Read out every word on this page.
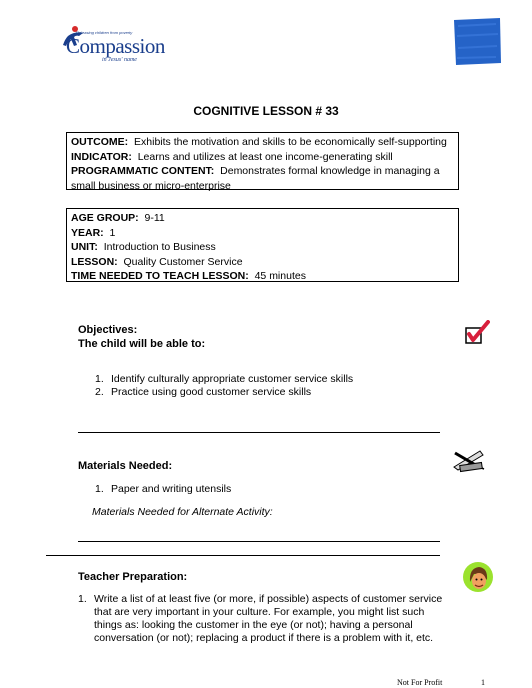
Releasing children from poverty
Compassion
in Jesus' name
COGNITIVE LESSON # 33
OUTCOME: Exhibits the motivation and skills to be economically self-supporting
INDICATOR: Learns and utilizes at least one income-generating skill
PROGRAMMATIC CONTENT: Demonstrates formal knowledge in managing a
small business or micro-enterprise
AGE GROUP: 9-11
YEAR: 1
UNIT: Introduction to Business
LESSON: Quality Customer Service
TIME NEEDED TO TEACH LESSON: 45 minutes
Objectives:
The child will be able to:
1. Identify culturally appropriate customer service skills
2. Practice using good customer service skills
Materials Needed:
1. Paper and writing utensils
Materials Needed for Alternate Activity:
Teacher Preparation:
1. Write a list of at least five (or more, if possible) aspects of customer service
that are very important in your culture. For example, you might list such
things as: looking the customer in the eye (or not); having a personal
conversation (or not); replacing a product if there is a problem with it, etc.
Not For Profit	1
